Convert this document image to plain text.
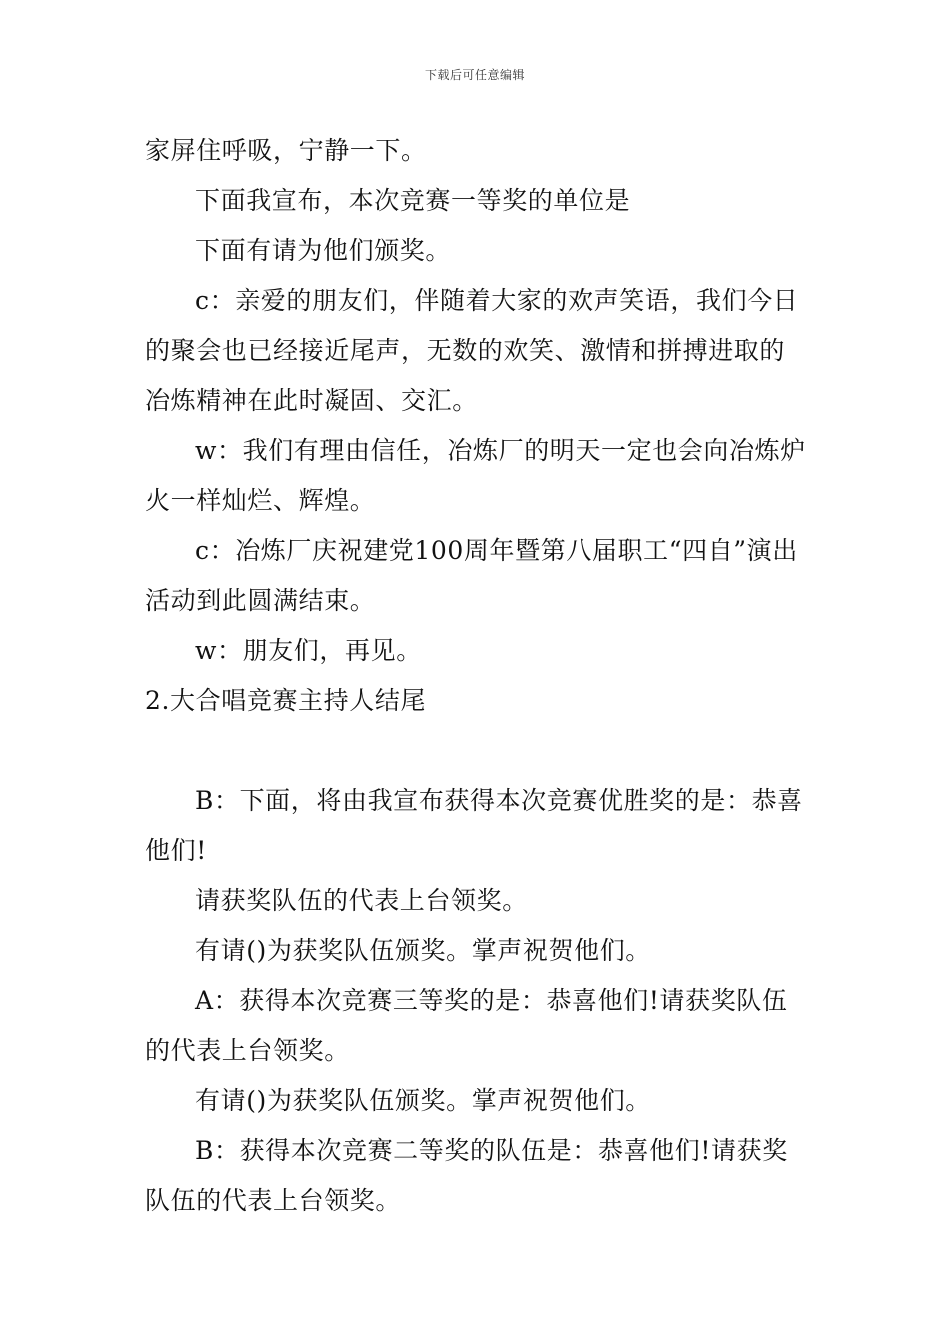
下载后可任意编辑

家屏住呼吸，宁静一下。

下面我宣布，本次竞赛一等奖的单位是

下面有请为他们颁奖。

c：亲爱的朋友们，伴随着大家的欢声笑语，我们今日的聚会也已经接近尾声，无数的欢笑、激情和拼搏进取的冶炼精神在此时凝固、交汇。

w：我们有理由信任，冶炼厂的明天一定也会向冶炼炉火一样灿烂、辉煌。

c：冶炼厂庆祝建党100周年暨第八届职工“四自”演出活动到此圆满结束。

w：朋友们，再见。

2.大合唱竞赛主持人结尾

B：下面，将由我宣布获得本次竞赛优胜奖的是：恭喜他们!

请获奖队伍的代表上台领奖。

有请()为获奖队伍颁奖。掌声祝贺他们。

A：获得本次竞赛三等奖的是：恭喜他们!请获奖队伍的代表上台领奖。

有请()为获奖队伍颁奖。掌声祝贺他们。

B：获得本次竞赛二等奖的队伍是：恭喜他们!请获奖队伍的代表上台领奖。
